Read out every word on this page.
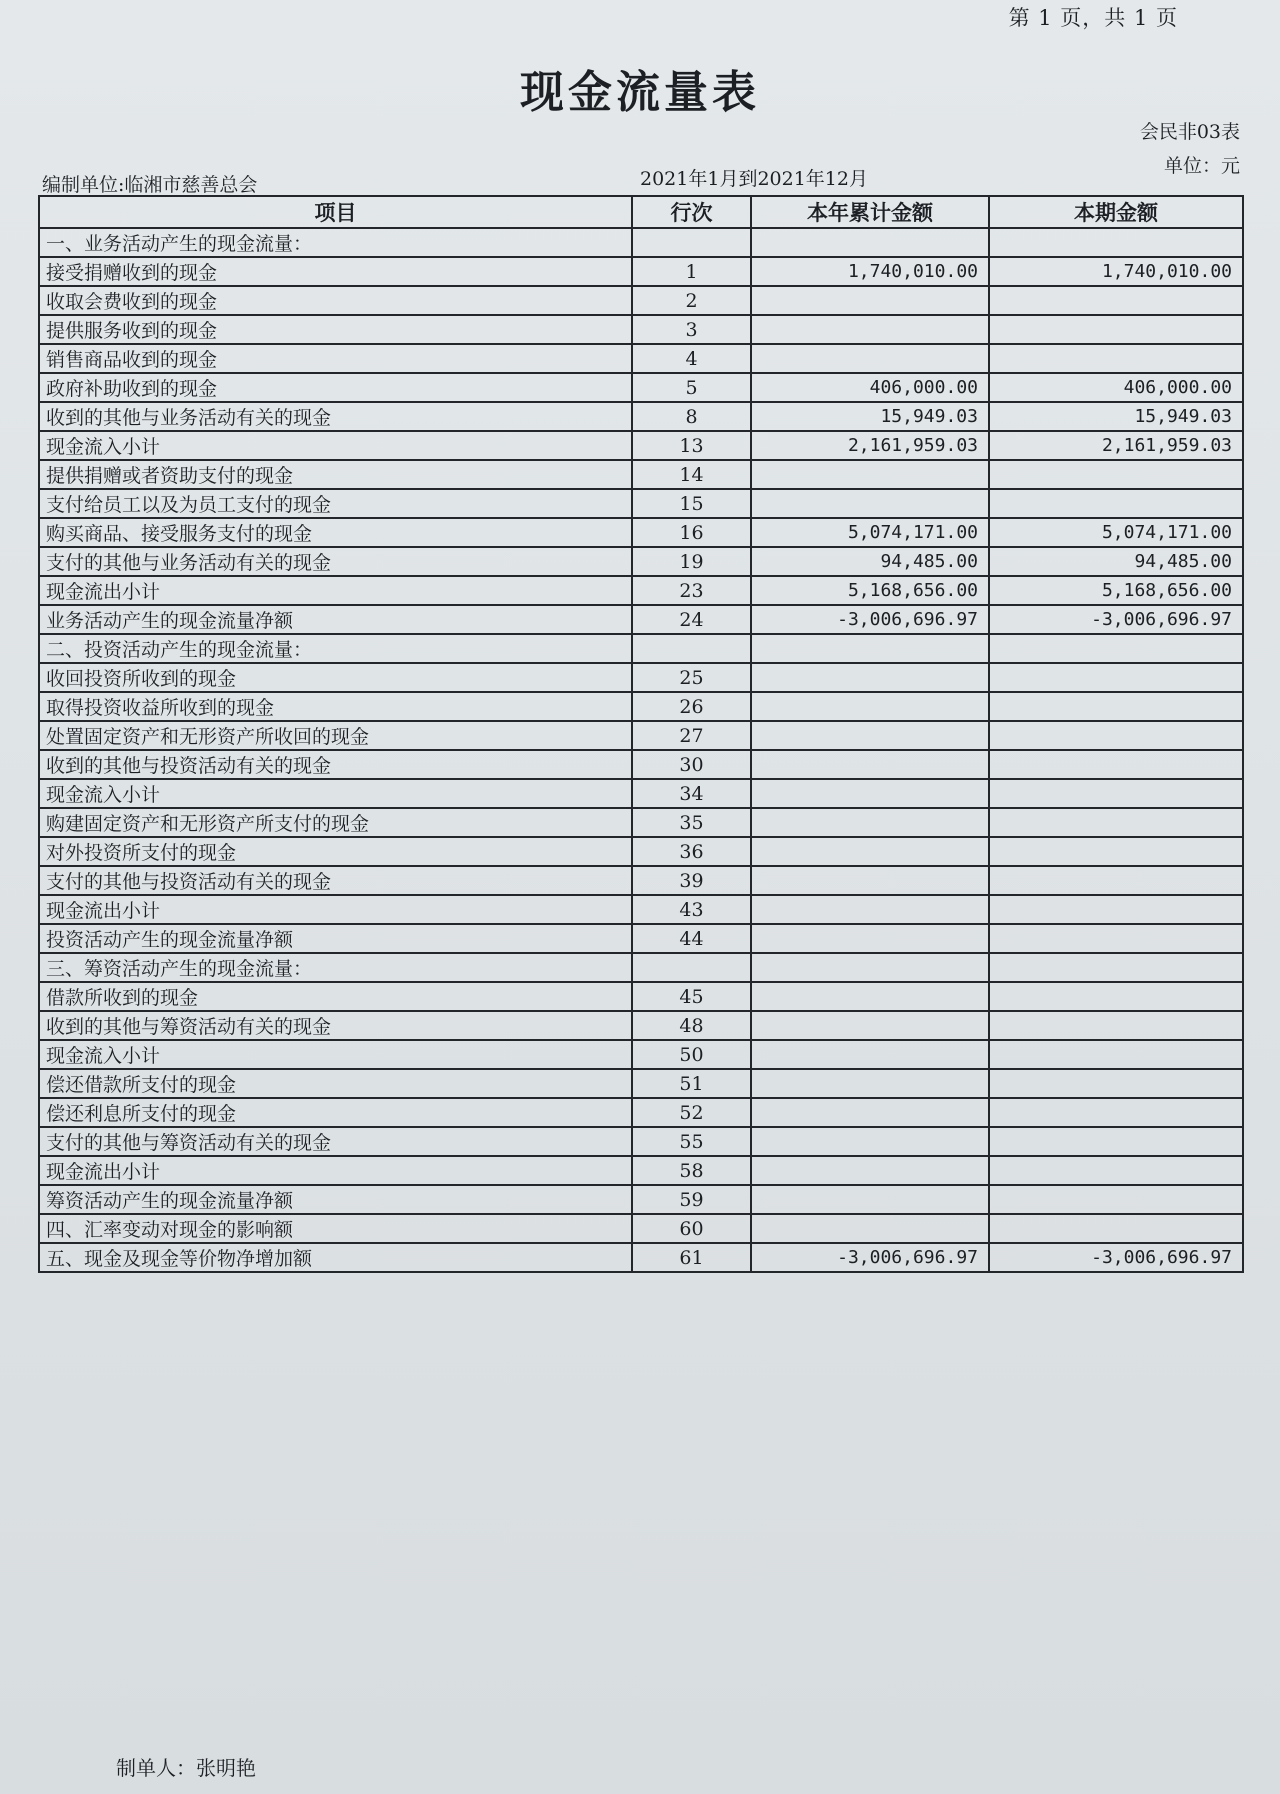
第 1 页，共 1 页
现金流量表
会民非03表
单位：元
编制单位:临湘市慈善总会	2021年1月到2021年12月
项目	行次	本年累计金额	本期金额
一、业务活动产生的现金流量：			
接受捐赠收到的现金	1	1,740,010.00	1,740,010.00
收取会费收到的现金	2		
提供服务收到的现金	3		
销售商品收到的现金	4		
政府补助收到的现金	5	406,000.00	406,000.00
收到的其他与业务活动有关的现金	8	15,949.03	15,949.03
现金流入小计	13	2,161,959.03	2,161,959.03
提供捐赠或者资助支付的现金	14		
支付给员工以及为员工支付的现金	15		
购买商品、接受服务支付的现金	16	5,074,171.00	5,074,171.00
支付的其他与业务活动有关的现金	19	94,485.00	94,485.00
现金流出小计	23	5,168,656.00	5,168,656.00
业务活动产生的现金流量净额	24	-3,006,696.97	-3,006,696.97
二、投资活动产生的现金流量：			
收回投资所收到的现金	25		
取得投资收益所收到的现金	26		
处置固定资产和无形资产所收回的现金	27		
收到的其他与投资活动有关的现金	30		
现金流入小计	34		
购建固定资产和无形资产所支付的现金	35		
对外投资所支付的现金	36		
支付的其他与投资活动有关的现金	39		
现金流出小计	43		
投资活动产生的现金流量净额	44		
三、筹资活动产生的现金流量：			
借款所收到的现金	45		
收到的其他与筹资活动有关的现金	48		
现金流入小计	50		
偿还借款所支付的现金	51		
偿还利息所支付的现金	52		
支付的其他与筹资活动有关的现金	55		
现金流出小计	58		
筹资活动产生的现金流量净额	59		
四、汇率变动对现金的影响额	60		
五、现金及现金等价物净增加额	61	-3,006,696.97	-3,006,696.97
制单人：张明艳
